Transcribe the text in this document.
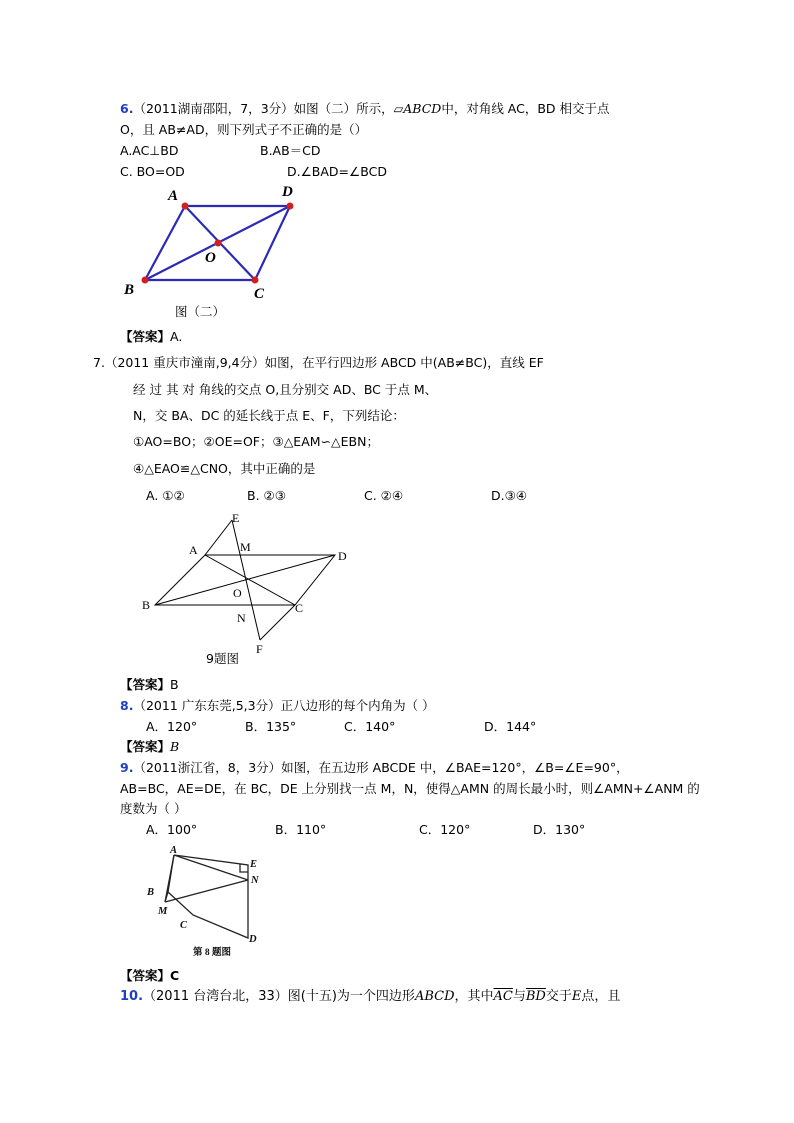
6.（2011湖南邵阳，7，3分）如图（二）所示，▱ABCD中，对角线 AC，BD 相交于点
O，且 AB≠AD，则下列式子不正确的是（）
A.AC⊥BD	B.AB＝CD
C. BO=OD	D.∠BAD=∠BCD
A	D
O
B	C
图（二）
【答案】A.
7.（2011 重庆市潼南,9,4分）如图，在平行四边形 ABCD 中(AB≠BC)，直线 EF
经 过 其 对 角线的交点 O,且分别交 AD、BC 于点 M、
N，交 BA、DC 的延长线于点 E、F，下列结论：
①AO=BO；②OE=OF；③△EAM∽△EBN；
④△EAO≌△CNO，其中正确的是
A. ①②	B. ②③	C. ②④	D.③④
E
A	M
D
O
B	C
N
F
9题图
【答案】B
8.（2011 广东东莞,5,3分）正八边形的每个内角为（ ）
A．120°	B．135°	C．140°	D．144°
【答案】B
9.（2011浙江省，8，3分）如图，在五边形 ABCDE 中，∠BAE=120°，∠B=∠E=90°，
AB=BC，AE=DE，在 BC，DE 上分别找一点 M，N，使得△AMN 的周长最小时，则∠AMN+∠ANM 的
度数为（ ）
A．100°	B．110°	C．120°	D．130°
A
E
N
B
M
C
D
第 8 题图
【答案】C
10.（2011 台湾台北，33）图(十五)为一个四边形ABCD，其中$\overline{AC}$与$\overline{BD}$交于E点，且
